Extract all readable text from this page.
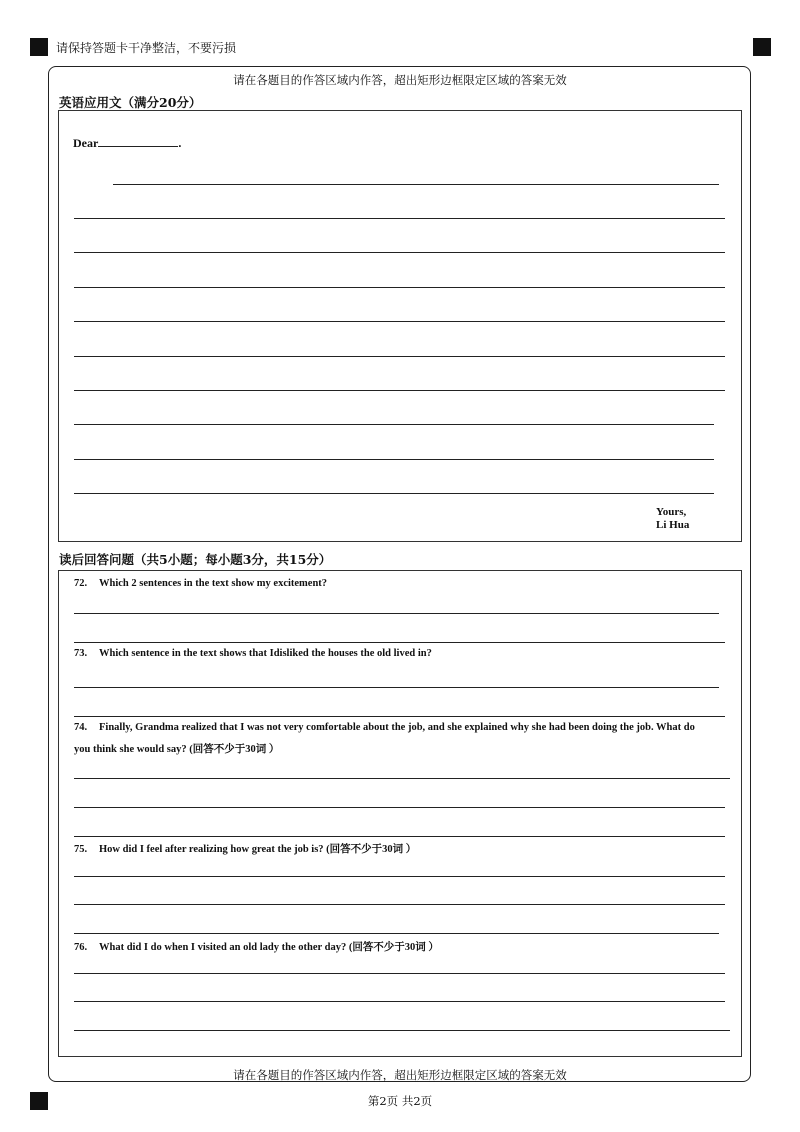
请保持答题卡干净整洁，不要污损
请在各题目的作答区域内作答，超出矩形边框限定区域的答案无效
英语应用文（满分20分）
Dear	.
Yours,
Li Hua
读后回答问题（共5小题；每小题3分，共15分）
72. Which 2 sentences in the text show my excitement?
73. Which sentence in the text shows that Idisliked the houses the old lived in?
74. Finally, Grandma realized that I was not very comfortable about the job, and she explained why she had been doing the job. What do
you think she would say? (回答不少于30词 ）
75. How did I feel after realizing how great the job is? (回答不少于30词 ）
76. What did I do when I visited an old lady the other day? (回答不少于30词 ）
请在各题目的作答区域内作答，超出矩形边框限定区域的答案无效
第2页 共2页
